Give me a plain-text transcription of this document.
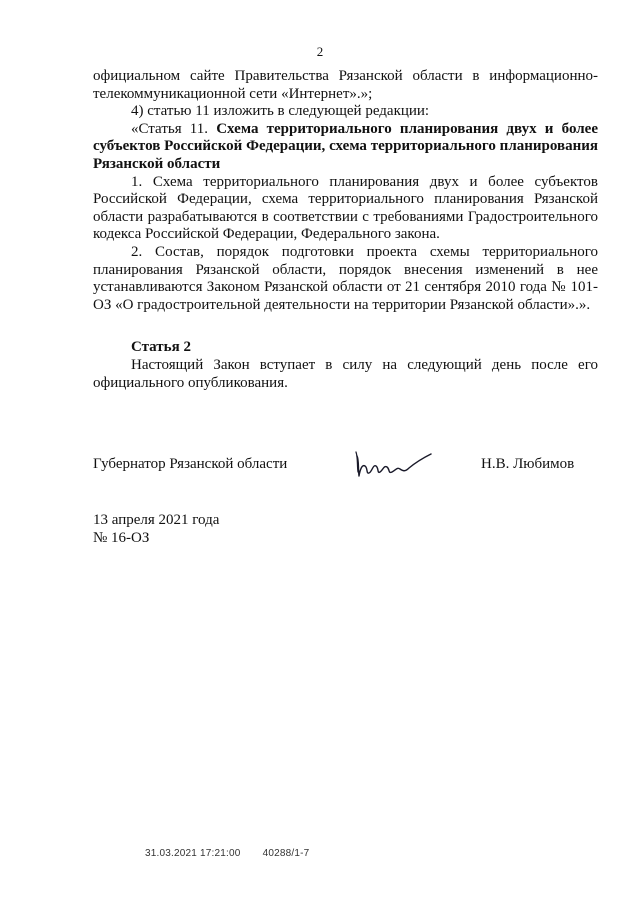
2

официальном сайте Правительства Рязанской области в информационно-телекоммуникационной сети «Интернет».»;

4) статью 11 изложить в следующей редакции:

«Статья 11. Схема территориального планирования двух и более субъектов Российской Федерации, схема территориального планирования Рязанской области

1. Схема территориального планирования двух и более субъектов Российской Федерации, схема территориального планирования Рязанской области разрабатываются в соответствии с требованиями Градостроительного кодекса Российской Федерации, Федерального закона.

2. Состав, порядок подготовки проекта схемы территориального планирования Рязанской области, порядок внесения изменений в нее устанавливаются Законом Рязанской области от 21 сентября 2010 года № 101-ОЗ «О градостроительной деятельности на территории Рязанской области».».

Статья 2

Настоящий Закон вступает в силу на следующий день после его официального опубликования.

Губернатор Рязанской области	Н.В. Любимов
13 апреля 2021 года
№ 16-ОЗ
31.03.2021 17:21:00 40288/1-7
